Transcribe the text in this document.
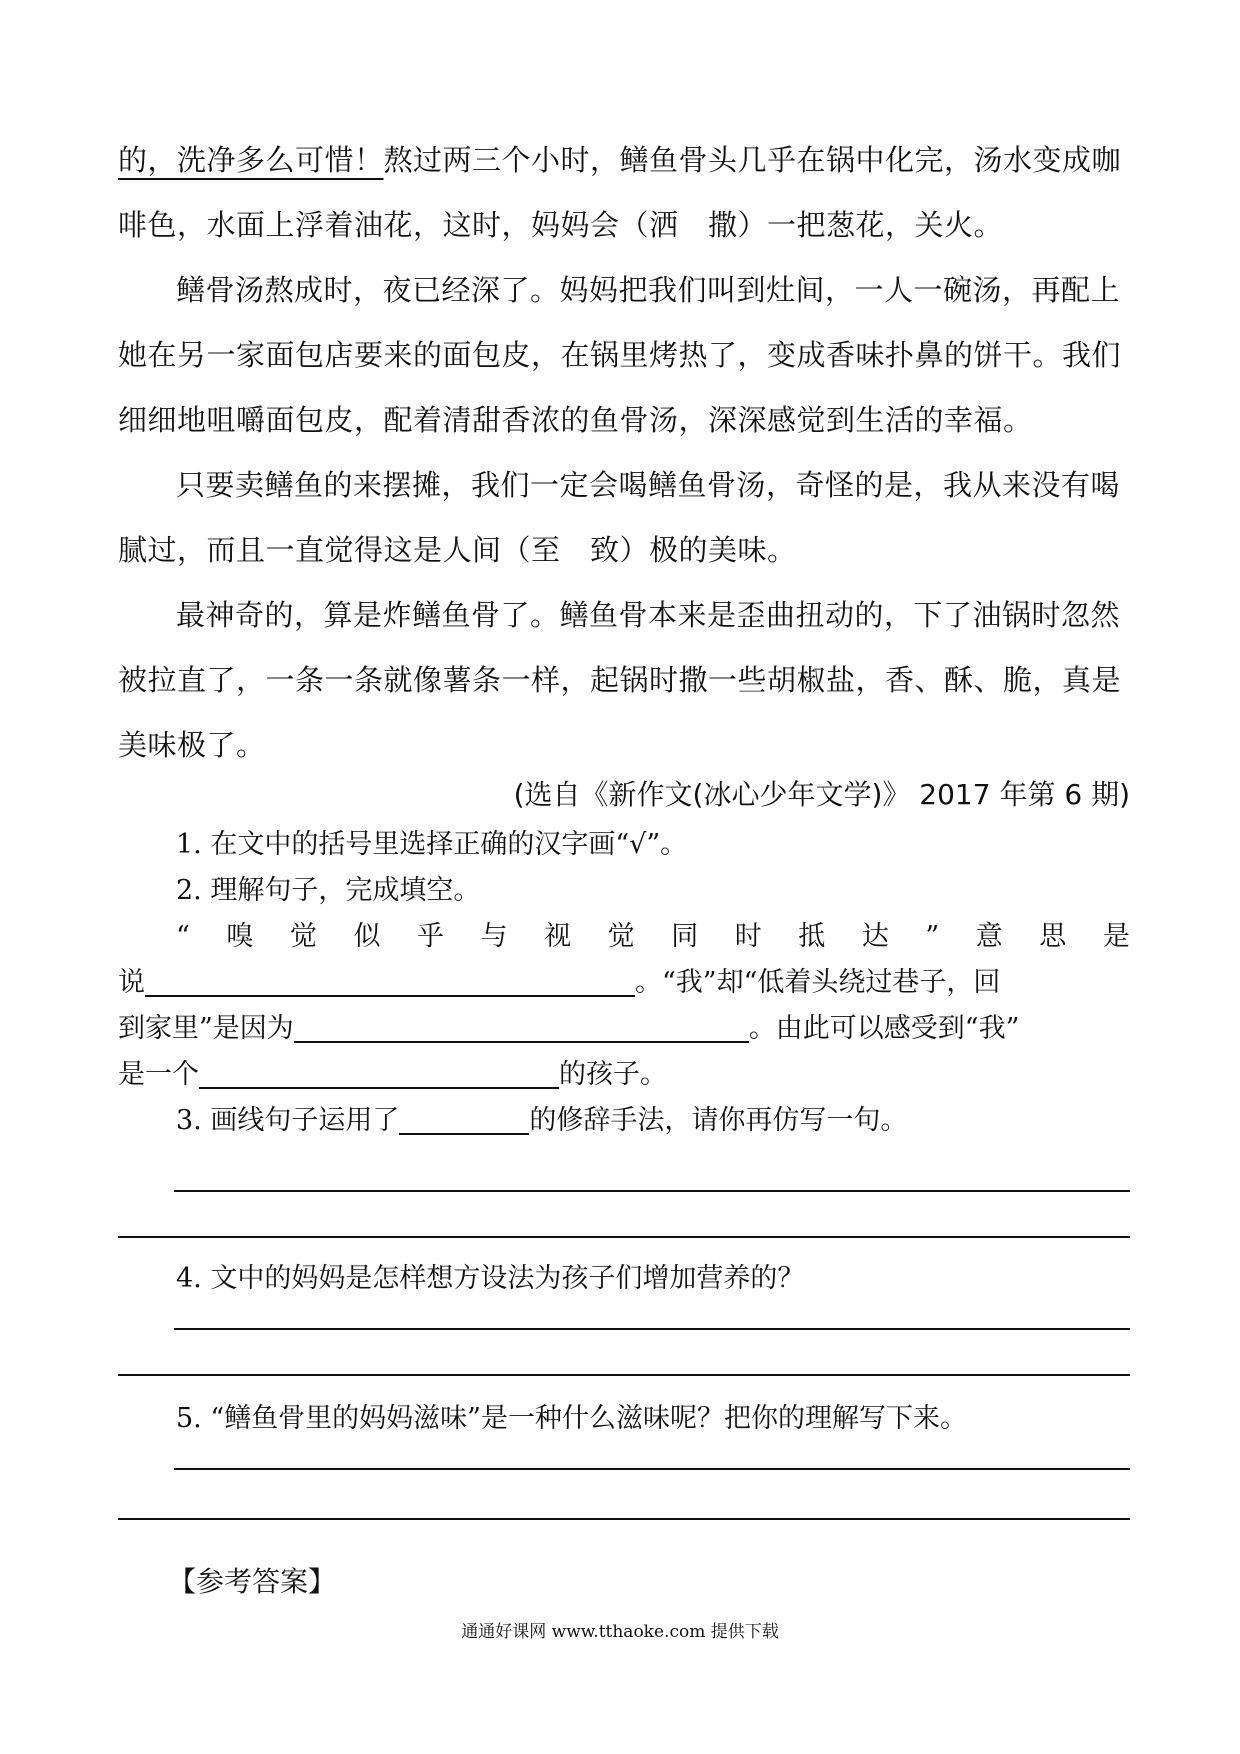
的，洗净多么可惜！熬过两三个小时，鳝鱼骨头几乎在锅中化完，汤水变成咖啡色，水面上浮着油花，这时，妈妈会（洒　撒）一把葱花，关火。

鳝骨汤熬成时，夜已经深了。妈妈把我们叫到灶间，一人一碗汤，再配上她在另一家面包店要来的面包皮，在锅里烤热了，变成香味扑鼻的饼干。我们细细地咀嚼面包皮，配着清甜香浓的鱼骨汤，深深感觉到生活的幸福。

只要卖鳝鱼的来摆摊，我们一定会喝鳝鱼骨汤，奇怪的是，我从来没有喝腻过，而且一直觉得这是人间（至　致）极的美味。

最神奇的，算是炸鳝鱼骨了。鳝鱼骨本来是歪曲扭动的，下了油锅时忽然被拉直了，一条一条就像薯条一样，起锅时撒一些胡椒盐，香、酥、脆，真是美味极了。

(选自《新作文(冰心少年文学)》 2017 年第 6 期)

1. 在文中的括号里选择正确的汉字画“√”。

2. 理解句子，完成填空。

“ 嗅 觉 似 乎 与 视 觉 同 时 抵 达 ” 意 思 是

说	。“我”却“低着头绕过巷子，回

到家里”是因为	。由此可以感受到“我”

是一个	的孩子。

3. 画线句子运用了	的修辞手法，请你再仿写一句。

4. 文中的妈妈是怎样想方设法为孩子们增加营养的？

5. “鳝鱼骨里的妈妈滋味”是一种什么滋味呢？把你的理解写下来。

【参考答案】
通通好课网 www.tthaoke.com 提供下载
